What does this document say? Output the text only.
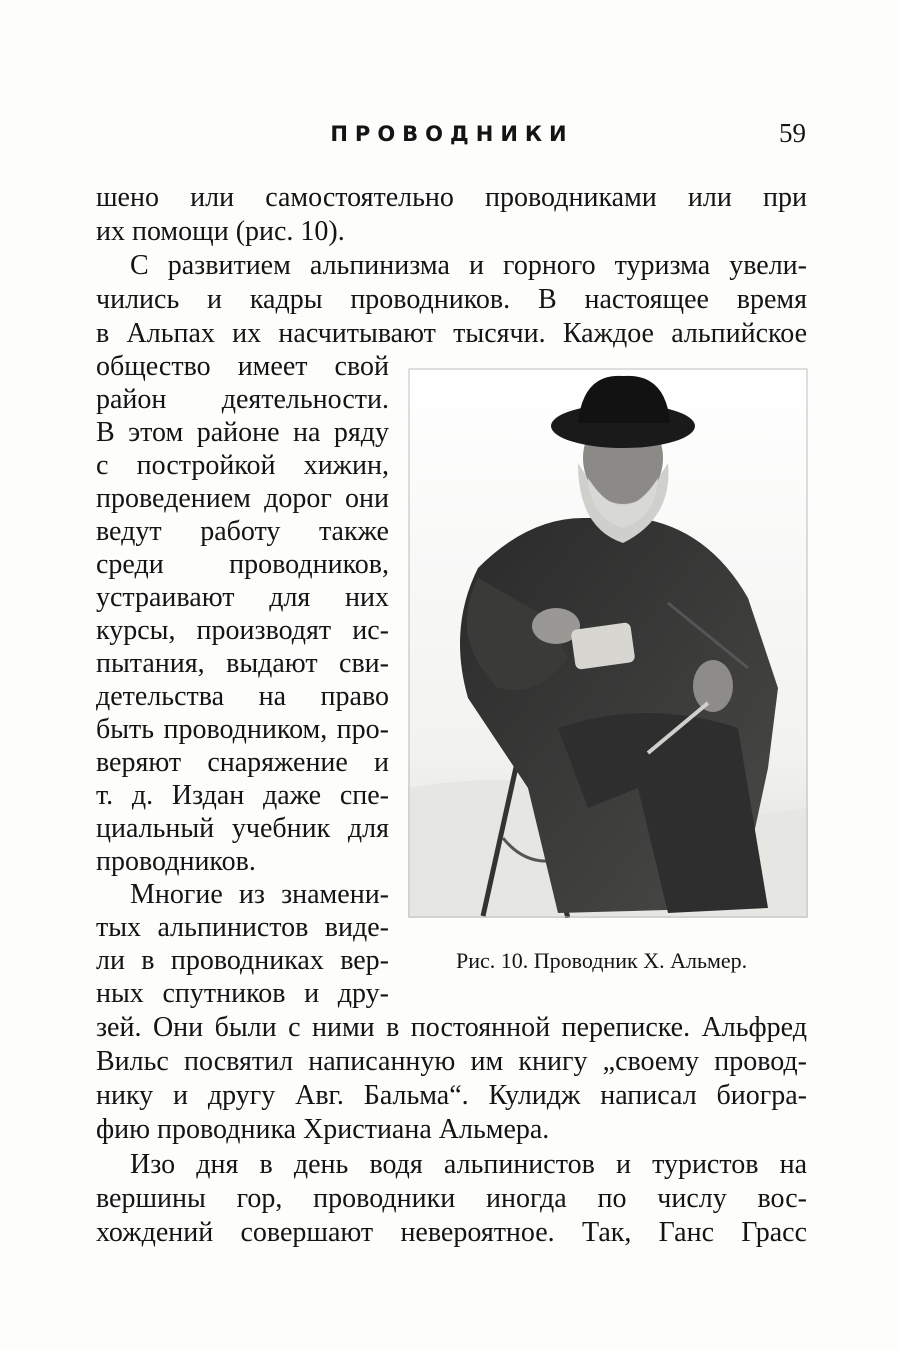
ПРОВОДНИКИ	59
шено или самостоятельно проводниками или при
их помощи (рис. 10).
С развитием альпинизма и горного туризма увели-
чились и кадры проводников. В настоящее время
в Альпах их насчитывают тысячи. Каждое альпийское
общество имеет свой
район деятельности.
В этом районе на ряду
с постройкой хижин,
проведением дорог они
ведут работу также
среди проводников,
устраивают для них
курсы, производят ис-
пытания, выдают сви-
детельства на право
быть проводником, про-
веряют снаряжение и
т. д. Издан даже спе-
циальный учебник для
проводников.
Многие из знамени-
тых альпинистов виде-
ли в проводниках вер-
ных спутников и дру-
зей. Они были с ними в постоянной переписке. Альфред
Вильс посвятил написанную им книгу „своему провод-
нику и другу Авг. Бальма“. Кулидж написал биогра-
фию проводника Христиана Альмера.
Изо дня в день водя альпинистов и туристов на
вершины гор, проводники иногда по числу вос-
хождений совершают невероятное. Так, Ганс Грасс
Рис. 10. Проводник Х. Альмер.
